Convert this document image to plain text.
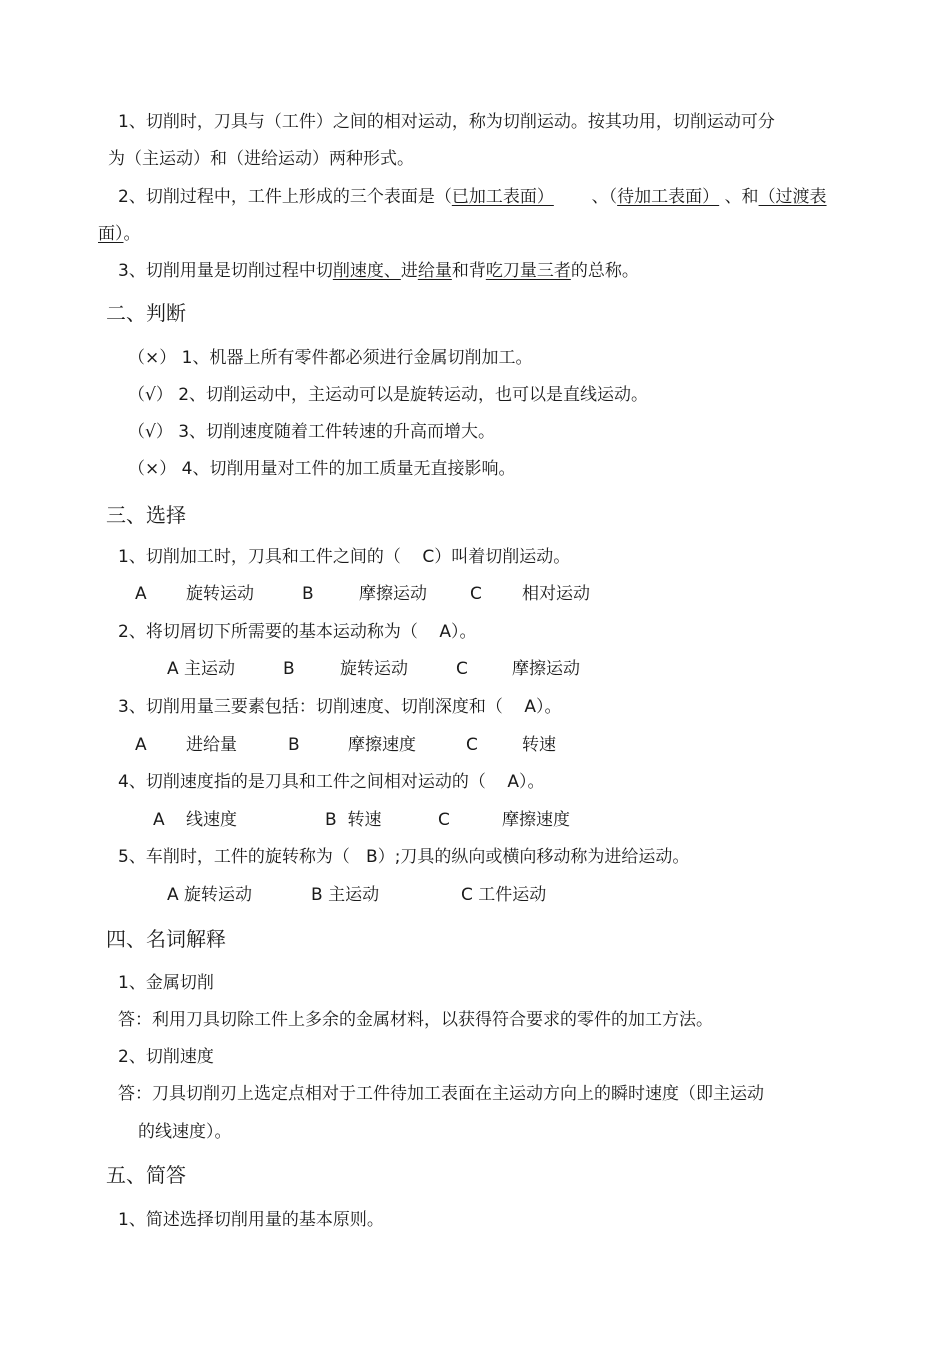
1、切削时，刀具与（工件）之间的相对运动，称为切削运动。按其功用，切削运动可分
为（主运动）和（进给运动）两种形式。
2、切削过程中，工件上形成的三个表面是（已加工表面） 、（待加工表面） 、和（过渡表
面）。
3、切削用量是切削过程中切削速度、进给量和背吃刀量三者的总称。
二、判断
（×） 1、机器上所有零件都必须进行金属切削加工。
（√） 2、切削运动中，主运动可以是旋转运动，也可以是直线运动。
（√） 3、切削速度随着工件转速的升高而增大。
（×） 4、切削用量对工件的加工质量无直接影响。
三、选择
1、切削加工时，刀具和工件之间的（    C）叫着切削运动。
A 旋转运动	B	摩擦运动	C 相对运动
2、将切屑切下所需要的基本运动称为（    A）。
A 主运动	B	旋转运动	C	摩擦运动
3、切削用量三要素包括：切削速度、切削深度和（    A）。
A 进给量	B	摩擦速度	C	转速
4、切削速度指的是刀具和工件之间相对运动的（    A）。
A 线速度	B  转速	C	摩擦速度
5、车削时，工件的旋转称为（   B）;刀具的纵向或横向移动称为进给运动。
A 旋转运动	B 主运动	C 工件运动
四、名词解释
1、金属切削
答：利用刀具切除工件上多余的金属材料，以获得符合要求的零件的加工方法。
2、切削速度
答：刀具切削刃上选定点相对于工件待加工表面在主运动方向上的瞬时速度（即主运动
的线速度）。
五、简答
1、简述选择切削用量的基本原则。
